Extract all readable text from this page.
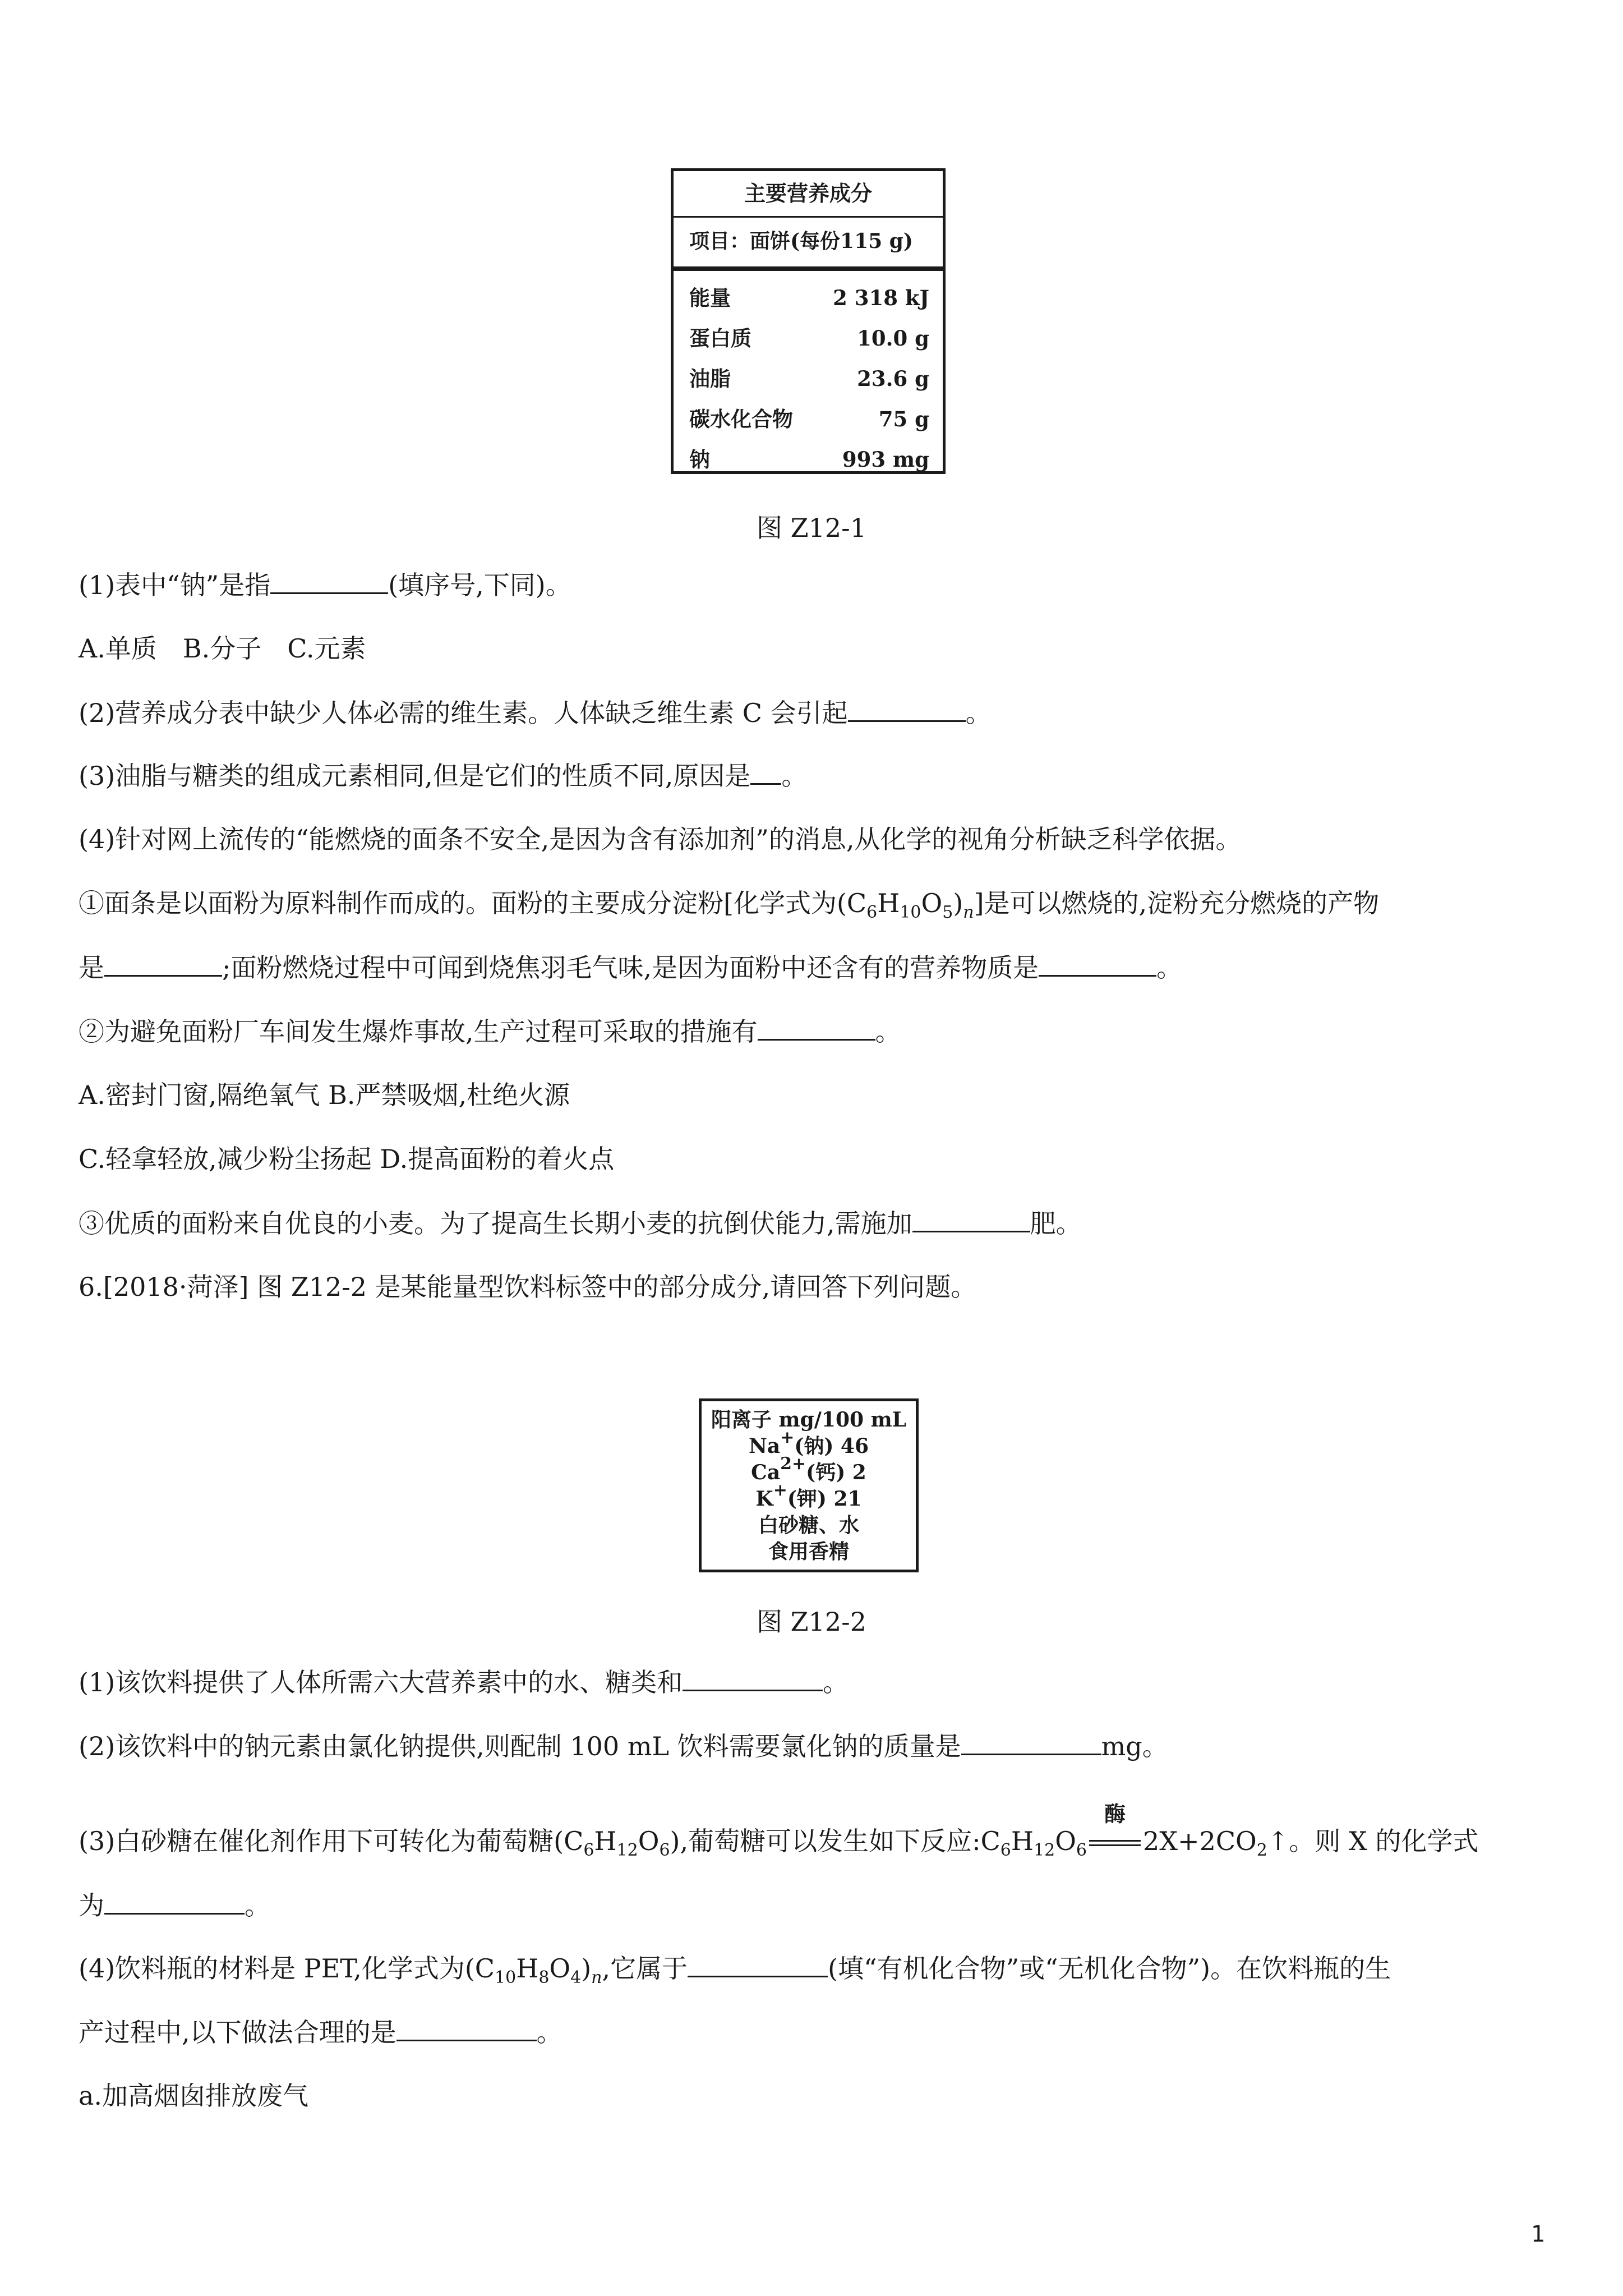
主要营养成分
项目：面饼(每份115 g)
能量	2 318 kJ
蛋白质	10.0 g
油脂	23.6 g
碳水化合物	75 g
钠	993 mg
图 Z12-1
(1)表中“钠”是指	(填序号,下同)。
A.单质　B.分子　C.元素
(2)营养成分表中缺少人体必需的维生素。人体缺乏维生素 C 会引起	。
(3)油脂与糖类的组成元素相同,但是它们的性质不同,原因是 。
(4)针对网上流传的“能燃烧的面条不安全,是因为含有添加剂”的消息,从化学的视角分析缺乏科学依据。
①面条是以面粉为原料制作而成的。面粉的主要成分淀粉[化学式为$(C_6H_{10}O_5)_n$]是可以燃烧的,淀粉充分燃烧的产物
是	;面粉燃烧过程中可闻到烧焦羽毛气味,是因为面粉中还含有的营养物质是	。
②为避免面粉厂车间发生爆炸事故,生产过程可采取的措施有	。
A.密封门窗,隔绝氧气 B.严禁吸烟,杜绝火源
C.轻拿轻放,减少粉尘扬起 D.提高面粉的着火点
③优质的面粉来自优良的小麦。为了提高生长期小麦的抗倒伏能力,需施加	肥。
6.[2018·菏泽] 图 Z12-2 是某能量型饮料标签中的部分成分,请回答下列问题。
阳离子 mg/100 mL
Na+(钠) 46
$Ca^{2+}$(钙) 2
K+(钾) 21
白砂糖、水
食用香精
图 Z12-2
(1)该饮料提供了人体所需六大营养素中的水、糖类和	。
(2)该饮料中的钠元素由氯化钠提供,则配制 100 mL 饮料需要氯化钠的质量是	mg。
(3)白砂糖在催化剂作用下可转化为葡萄糖$(C_6H_{12}O_6)$,葡萄糖可以发生如下反应$:C_6H_{12}O_6$
酶
$2X+2CO_2↑$。则 X 的化学式
为	。
(4)饮料瓶的材料是 PET,化学式为$(C_{10}H_8O_4)_n$,它属于	(填“有机化合物”或“无机化合物”)。在饮料瓶的生
产过程中,以下做法合理的是	。
a.加高烟囱排放废气
1
